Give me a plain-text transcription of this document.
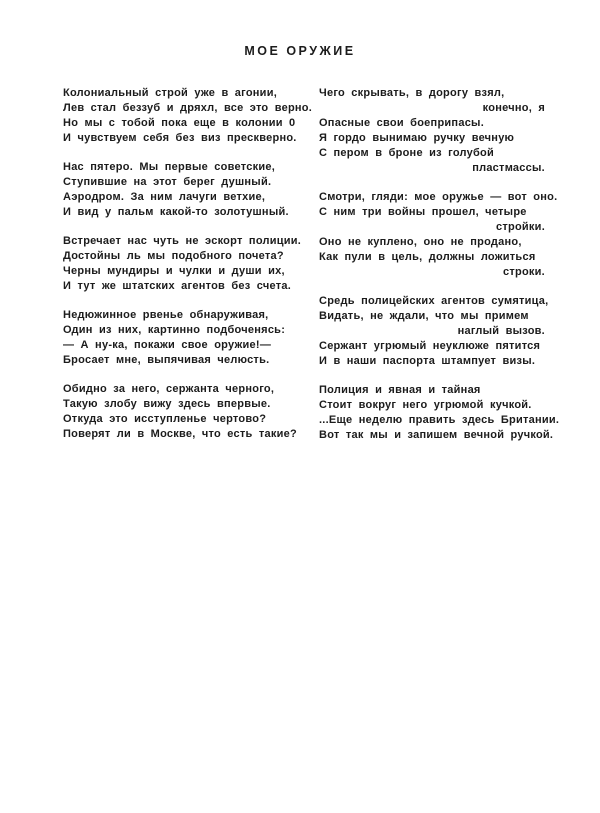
МОЕ ОРУЖИЕ

Колониальный строй уже в агонии,

Лев стал беззуб и дряхл, все это верно.

Но мы с тобой пока еще в колонии 0

И чувствуем себя без виз прескверно.

Нас пятеро. Мы первые советские,

Ступившие на этот берег душный.

Аэродром. За ним лачуги ветхие,

И вид у пальм какой-то золотушный.

Встречает нас чуть не эскорт полиции.

Достойны ль мы подобного почета?

Черны мундиры и чулки и души их,

И тут же штатских агентов без счета.

Недюжинное рвенье обнаруживая,

Один из них, картинно подбоченясь:

— А ну-ка, покажи свое оружие!—

Бросает мне, выпячивая челюсть.

Обидно за него, сержанта черного,

Такую злобу вижу здесь впервые.

Откуда это исступленье чертово?

Поверят ли в Москве, что есть такие?

Чего скрывать, в дорогу взял,

конечно, я

Опасные свои боеприпасы.

Я гордо вынимаю ручку вечную

С пером в броне из голубой

пластмассы.

Смотри, гляди: мое оружье — вот оно.

С ним три войны прошел, четыре

стройки.

Оно не куплено, оно не продано,

Как пули в цель, должны ложиться

строки.

Средь полицейских агентов сумятица,

Видать, не ждали, что мы примем

наглый вызов.

Сержант угрюмый неуклюже пятится

И в наши паспорта штампует визы.

Полиция и явная и тайная

Стоит вокруг него угрюмой кучкой.

...Еще неделю править здесь Британии.

Вот так мы и запишем вечной ручкой.
